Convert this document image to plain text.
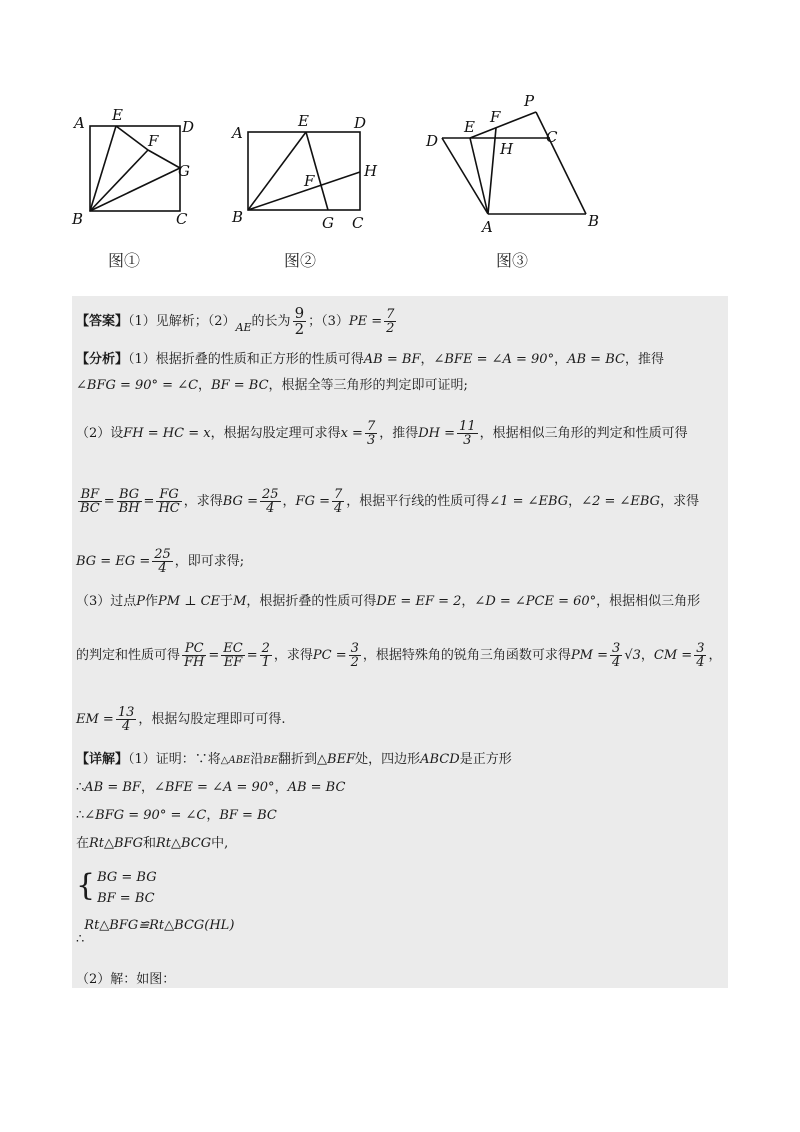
A E
D
F
G
B	C
图①
A
E	D
H
F
B	G C
图②
P
E
F
D	C
H
A	B
图③
【答案】（1）见解析；$(2)_{AE}$的长为 $\frac{9}{2}$ ；$(3)PE = \frac{7}{2}$
【分析】（1）根据折叠的性质和正方形的性质可得AB = BF，∠BFE = ∠A = 90°，AB = BC，推得
∠BFG = 90° = ∠C，BF = BC，根据全等三角形的判定即可证明;
（2）设FH = HC = x，根据勾股定理可求得$x = \frac{7}{3}$ ，推得DH = $\frac{11}{3}$ ，根据相似三角形的判定和性质可得
$\frac{BF}{BC} = \frac{BG}{BH} = \frac{FG}{HC}$ ，求得BG = $\frac{25}{4}$ ，FG = $\frac{7}{4}$ ，根据平行线的性质可得∠1 = ∠EBG，∠2 = ∠EBG，求得
BG = EG = $\frac{25}{4}$ ，即可求得;
（3）过点P作PM ⊥ CE于M，根据折叠的性质可得DE = EF = 2，∠D = ∠PCE = 60°，根据相似三角形
的判定和性质可得 $\frac{PC}{FH} = \frac{EC}{EF} = \frac{2}{1}$ ，求得PC = $\frac{3}{2}$ ，根据特殊角的锐角三角函数可求得PM = $\frac{3}{4} √3$，CM = $\frac{3}{4}$ ，
EM = $\frac{13}{4}$ ，根据勾股定理即可可得.
【详解】（1）证明：∵将△ABE沿BE翻折到△BEF处，四边形ABCD是正方形
∴AB = BF，∠BFE = ∠A = 90°，AB = BC
∴∠BFG = 90° = ∠C，BF = BC
在Rt△BFG和Rt△BCG中,
{ BG = BG
BF = BC
∴Rt△BFG≌Rt△BCG(HL)
（2）解：如图：
